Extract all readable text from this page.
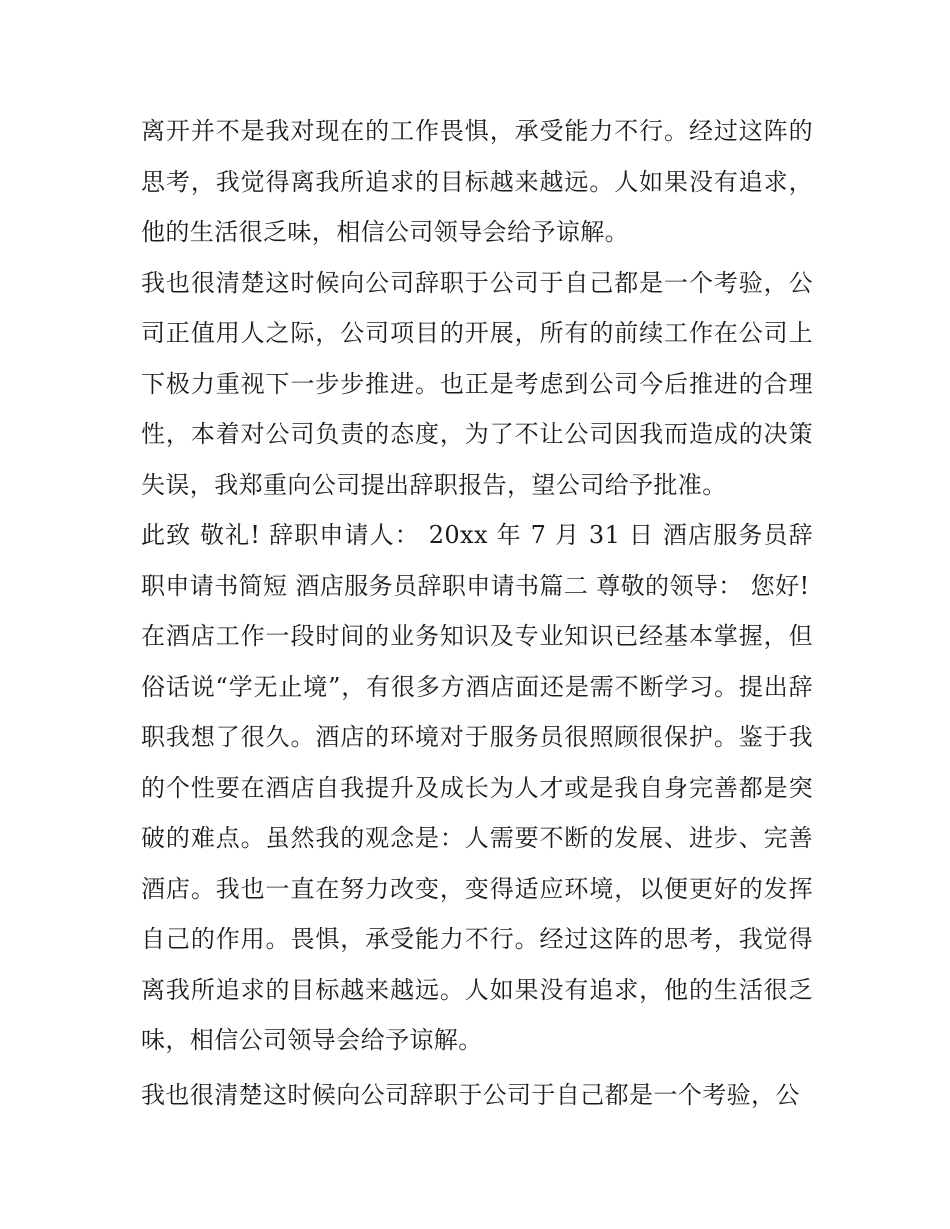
离开并不是我对现在的工作畏惧，承受能力不行。经过这阵的思考，我觉得离我所追求的目标越来越远。人如果没有追求，他的生活很乏味，相信公司领导会给予谅解。

我也很清楚这时候向公司辞职于公司于自己都是一个考验，公司正值用人之际，公司项目的开展，所有的前续工作在公司上下极力重视下一步步推进。也正是考虑到公司今后推进的合理性，本着对公司负责的态度，为了不让公司因我而造成的决策失误，我郑重向公司提出辞职报告，望公司给予批准。

此致 敬礼! 辞职申请人： 20xx 年 7 月 31 日 酒店服务员辞职申请书简短 酒店服务员辞职申请书篇二 尊敬的领导： 您好!

在酒店工作一段时间的业务知识及专业知识已经基本掌握，但俗话说“学无止境”，有很多方酒店面还是需不断学习。提出辞职我想了很久。酒店的环境对于服务员很照顾很保护。鉴于我的个性要在酒店自我提升及成长为人才或是我自身完善都是突破的难点。虽然我的观念是：人需要不断的发展、进步、完善酒店。我也一直在努力改变，变得适应环境，以便更好的发挥自己的作用。畏惧，承受能力不行。经过这阵的思考，我觉得离我所追求的目标越来越远。人如果没有追求，他的生活很乏味，相信公司领导会给予谅解。

我也很清楚这时候向公司辞职于公司于自己都是一个考验，公
